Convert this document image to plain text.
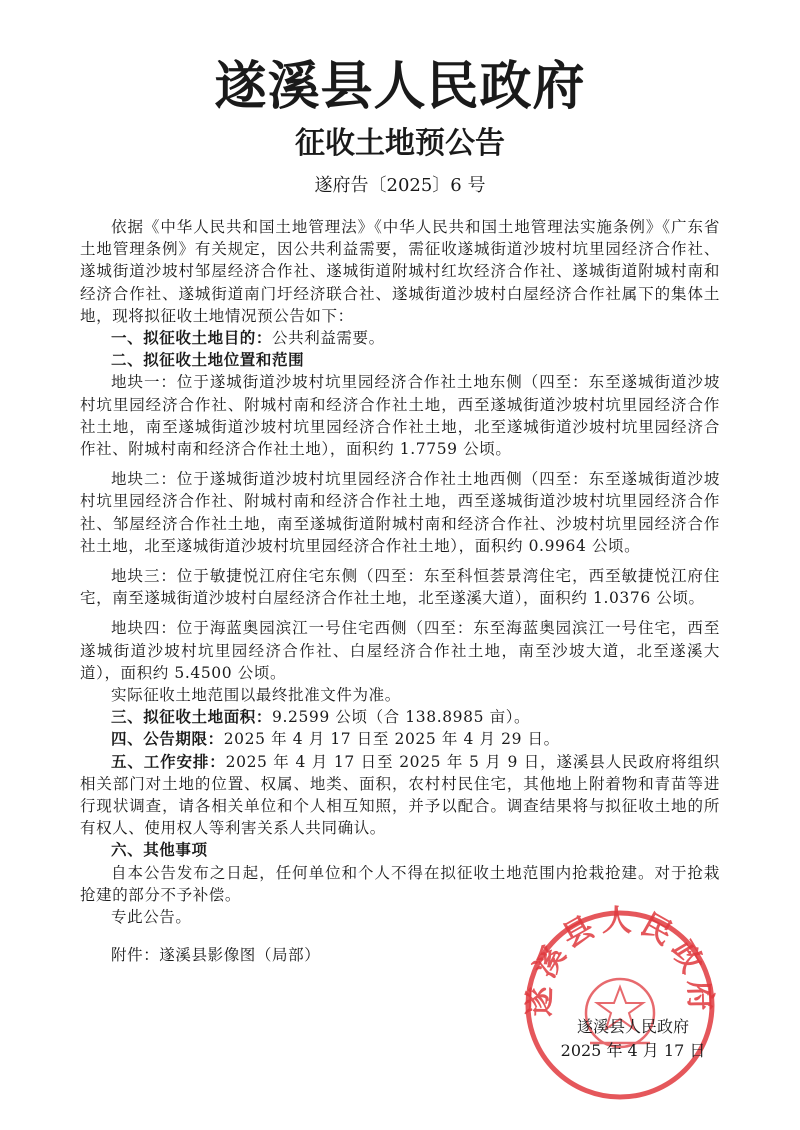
遂溪县人民政府
征收土地预公告
遂府告〔2025〕6 号

依据《中华人民共和国土地管理法》《中华人民共和国土地管理法实施条例》《广东省土地管理条例》有关规定，因公共利益需要，需征收遂城街道沙坡村坑里园经济合作社、遂城街道沙坡村邹屋经济合作社、遂城街道附城村红坎经济合作社、遂城街道附城村南和经济合作社、遂城街道南门圩经济联合社、遂城街道沙坡村白屋经济合作社属下的集体土地，现将拟征收土地情况预公告如下：

一、拟征收土地目的：公共利益需要。

二、拟征收土地位置和范围

地块一：位于遂城街道沙坡村坑里园经济合作社土地东侧（四至：东至遂城街道沙坡村坑里园经济合作社、附城村南和经济合作社土地，西至遂城街道沙坡村坑里园经济合作社土地，南至遂城街道沙坡村坑里园经济合作社土地，北至遂城街道沙坡村坑里园经济合作社、附城村南和经济合作社土地），面积约 1.7759 公顷。

地块二：位于遂城街道沙坡村坑里园经济合作社土地西侧（四至：东至遂城街道沙坡村坑里园经济合作社、附城村南和经济合作社土地，西至遂城街道沙坡村坑里园经济合作社、邹屋经济合作社土地，南至遂城街道附城村南和经济合作社、沙坡村坑里园经济合作社土地，北至遂城街道沙坡村坑里园经济合作社土地），面积约 0.9964 公顷。

地块三：位于敏捷悦江府住宅东侧（四至：东至科恒荟景湾住宅，西至敏捷悦江府住宅，南至遂城街道沙坡村白屋经济合作社土地，北至遂溪大道），面积约 1.0376 公顷。

地块四：位于海蓝奥园滨江一号住宅西侧（四至：东至海蓝奥园滨江一号住宅，西至遂城街道沙坡村坑里园经济合作社、白屋经济合作社土地，南至沙坡大道，北至遂溪大道），面积约 5.4500 公顷。

实际征收土地范围以最终批准文件为准。

三、拟征收土地面积：9.2599 公顷（合 138.8985 亩）。

四、公告期限：2025 年 4 月 17 日至 2025 年 4 月 29 日。

五、工作安排：2025 年 4 月 17 日至 2025 年 5 月 9 日，遂溪县人民政府将组织相关部门对土地的位置、权属、地类、面积，农村村民住宅，其他地上附着物和青苗等进行现状调查，请各相关单位和个人相互知照，并予以配合。调查结果将与拟征收土地的所有权人、使用权人等利害关系人共同确认。

六、其他事项

自本公告发布之日起，任何单位和个人不得在拟征收土地范围内抢栽抢建。对于抢栽抢建的部分不予补偿。

专此公告。

附件：遂溪县影像图（局部）

遂溪县人民政府
遂溪县人民政府
2025 年 4 月 17 日
